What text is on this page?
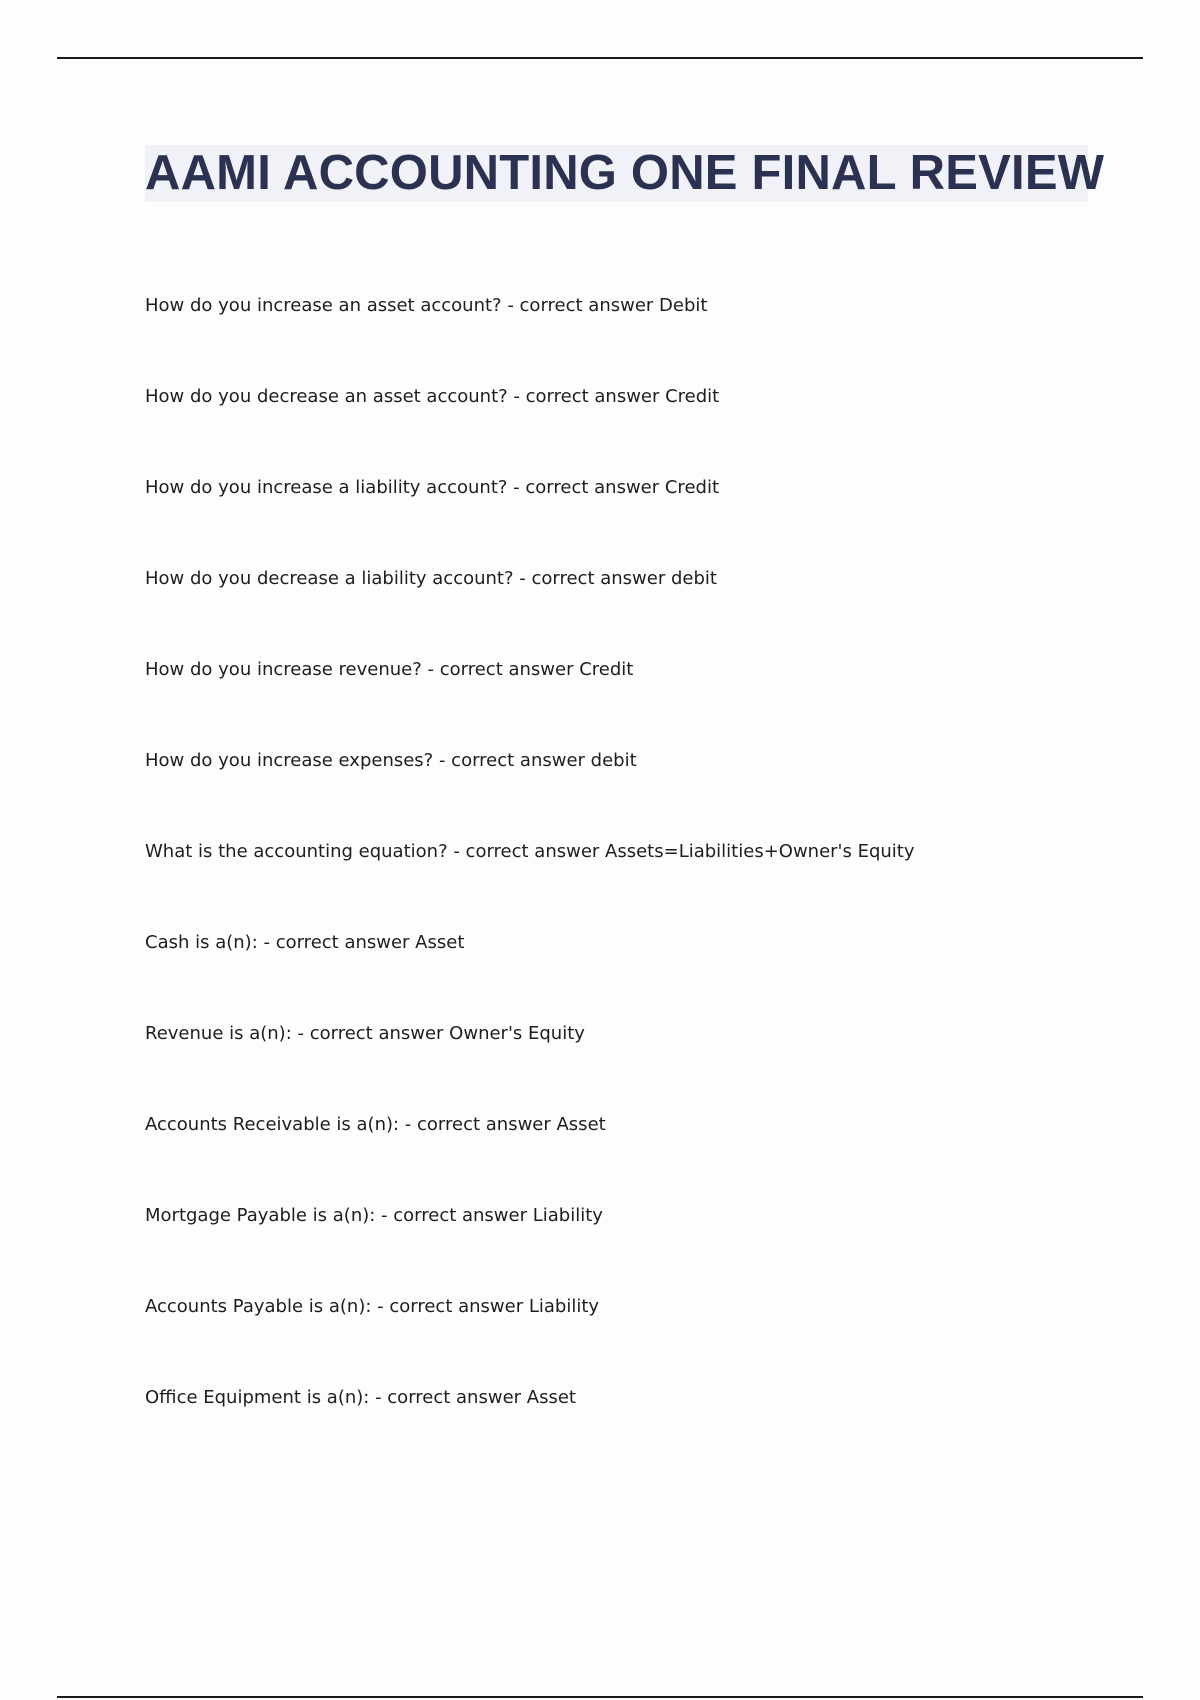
AAMI ACCOUNTING ONE FINAL REVIEW
How do you increase an asset account? - correct answer Debit
How do you decrease an asset account? - correct answer Credit
How do you increase a liability account? - correct answer Credit
How do you decrease a liability account? - correct answer debit
How do you increase revenue? - correct answer Credit
How do you increase expenses? - correct answer debit
What is the accounting equation? - correct answer Assets=Liabilities+Owner's Equity
Cash is a(n): - correct answer Asset
Revenue is a(n): - correct answer Owner's Equity
Accounts Receivable is a(n): - correct answer Asset
Mortgage Payable is a(n): - correct answer Liability
Accounts Payable is a(n): - correct answer Liability
Office Equipment is a(n): - correct answer Asset
